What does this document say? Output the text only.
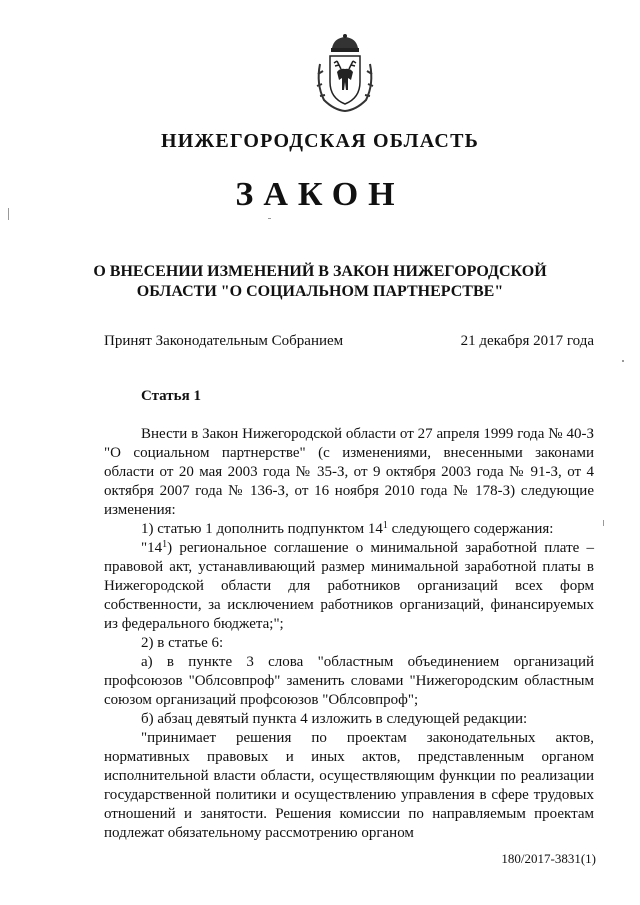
НИЖЕГОРОДСКАЯ ОБЛАСТЬ
ЗАКОН
О ВНЕСЕНИИ ИЗМЕНЕНИЙ В ЗАКОН НИЖЕГОРОДСКОЙ
ОБЛАСТИ "О СОЦИАЛЬНОМ ПАРТНЕРСТВЕ"
Принят Законодательным Собранием	21 декабря 2017 года
Статья 1

Внести в Закон Нижегородской области от 27 апреля 1999 года № 40-З "О социальном партнерстве" (с изменениями, внесенными законами области от 20 мая 2003 года № 35-З, от 9 октября 2003 года № 91-З, от 4 октября 2007 года № 136-З, от 16 ноября 2010 года № 178-З) следующие изменения:

1) статью 1 дополнить подпунктом $14^1$ следующего содержания:

"$14^1$) региональное соглашение о минимальной заработной плате – правовой акт, устанавливающий размер минимальной заработной платы в Нижегородской области для работников организаций всех форм собственности, за исключением работников организаций, финансируемых из федерального бюджета;";

2) в статье 6:

а) в пункте 3 слова "областным объединением организаций профсоюзов "Облсовпроф" заменить словами "Нижегородским областным союзом организаций профсоюзов "Облсовпроф";

б) абзац девятый пункта 4 изложить в следующей редакции:

"принимает решения по проектам законодательных актов, нормативных правовых и иных актов, представленным органом исполнительной власти области, осуществляющим функции по реализации государственной политики и осуществлению управления в сфере трудовых отношений и занятости. Решения комиссии по направляемым проектам подлежат обязательному рассмотрению органом

180/2017-3831(1)
